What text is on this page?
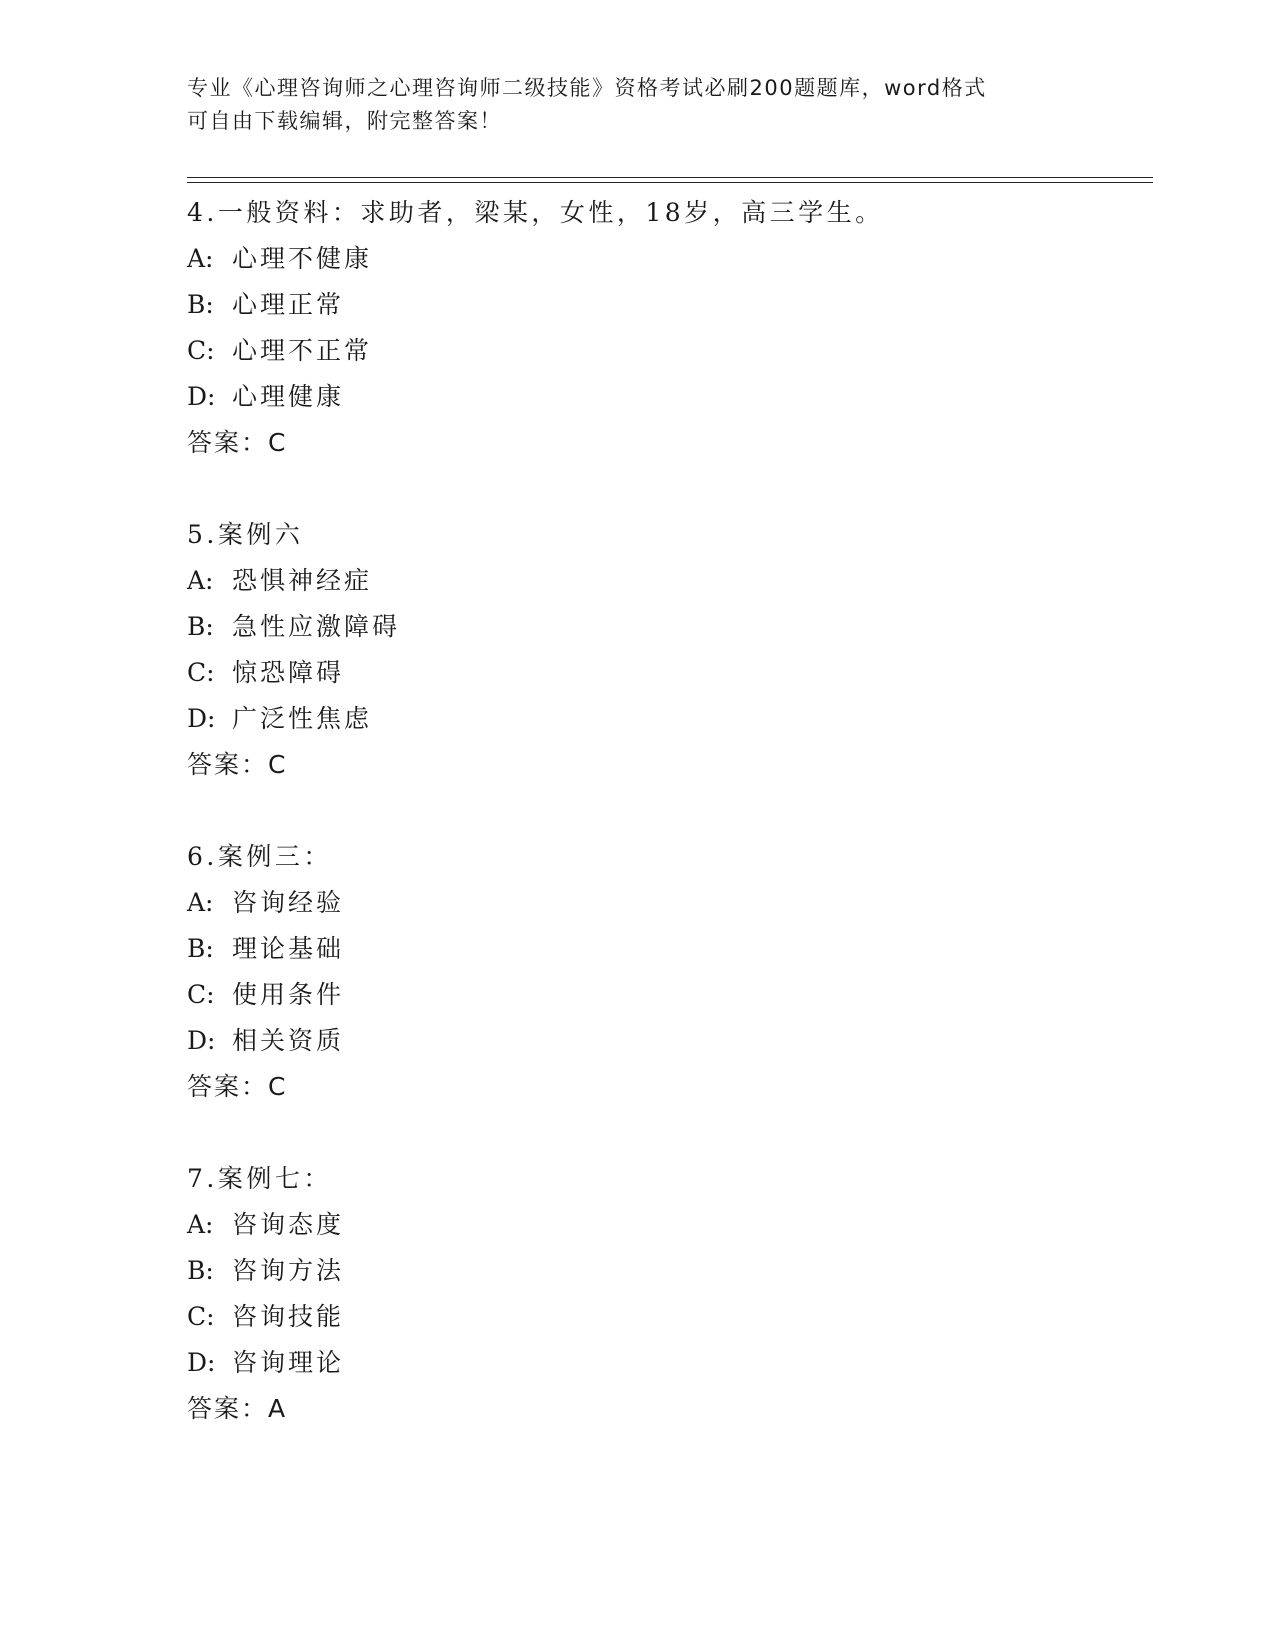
专业《心理咨询师之心理咨询师二级技能》资格考试必刷200题题库，word格式
可自由下载编辑，附完整答案！
4.一般资料：求助者，梁某，女性，18岁，高三学生。
A: 心理不健康
B: 心理正常
C: 心理不正常
D: 心理健康
答案：C
5.案例六
A: 恐惧神经症
B: 急性应激障碍
C: 惊恐障碍
D: 广泛性焦虑
答案：C
6.案例三：
A: 咨询经验
B: 理论基础
C: 使用条件
D: 相关资质
答案：C
7.案例七：
A: 咨询态度
B: 咨询方法
C: 咨询技能
D: 咨询理论
答案：A
